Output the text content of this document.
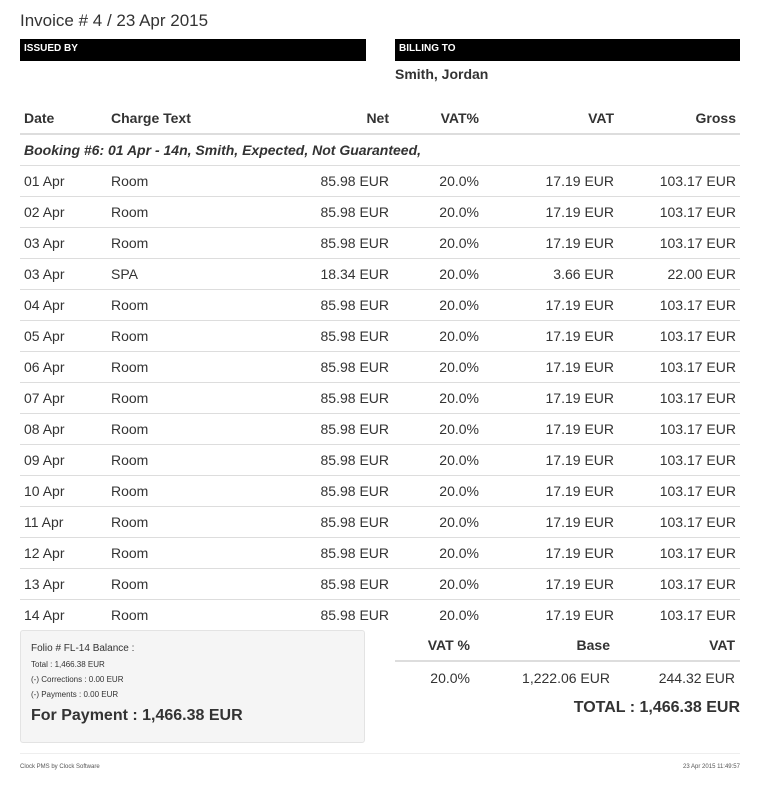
Invoice # 4 / 23 Apr 2015
ISSUED BY	BILLING TO
Smith, Jordan
Date	Charge Text	Net	VAT%	VAT	Gross
Booking #6: 01 Apr - 14n, Smith, Expected, Not Guaranteed,					
01 Apr	Room	85.98 EUR	20.0%	17.19 EUR	103.17 EUR
02 Apr	Room	85.98 EUR	20.0%	17.19 EUR	103.17 EUR
03 Apr	Room	85.98 EUR	20.0%	17.19 EUR	103.17 EUR
03 Apr	SPA	18.34 EUR	20.0%	3.66 EUR	22.00 EUR
04 Apr	Room	85.98 EUR	20.0%	17.19 EUR	103.17 EUR
05 Apr	Room	85.98 EUR	20.0%	17.19 EUR	103.17 EUR
06 Apr	Room	85.98 EUR	20.0%	17.19 EUR	103.17 EUR
07 Apr	Room	85.98 EUR	20.0%	17.19 EUR	103.17 EUR
08 Apr	Room	85.98 EUR	20.0%	17.19 EUR	103.17 EUR
09 Apr	Room	85.98 EUR	20.0%	17.19 EUR	103.17 EUR
10 Apr	Room	85.98 EUR	20.0%	17.19 EUR	103.17 EUR
11 Apr	Room	85.98 EUR	20.0%	17.19 EUR	103.17 EUR
12 Apr	Room	85.98 EUR	20.0%	17.19 EUR	103.17 EUR
13 Apr	Room	85.98 EUR	20.0%	17.19 EUR	103.17 EUR
14 Apr	Room	85.98 EUR	20.0%	17.19 EUR	103.17 EUR
Folio # FL-14 Balance :
Total : 1,466.38 EUR
(-) Corrections : 0.00 EUR
(-) Payments : 0.00 EUR
For Payment : 1,466.38 EUR
VAT %	Base	VAT
20.0%	1,222.06 EUR	244.32 EUR
TOTAL : 1,466.38 EUR
Clock PMS by Clock Software	23 Apr 2015 11:49:57
